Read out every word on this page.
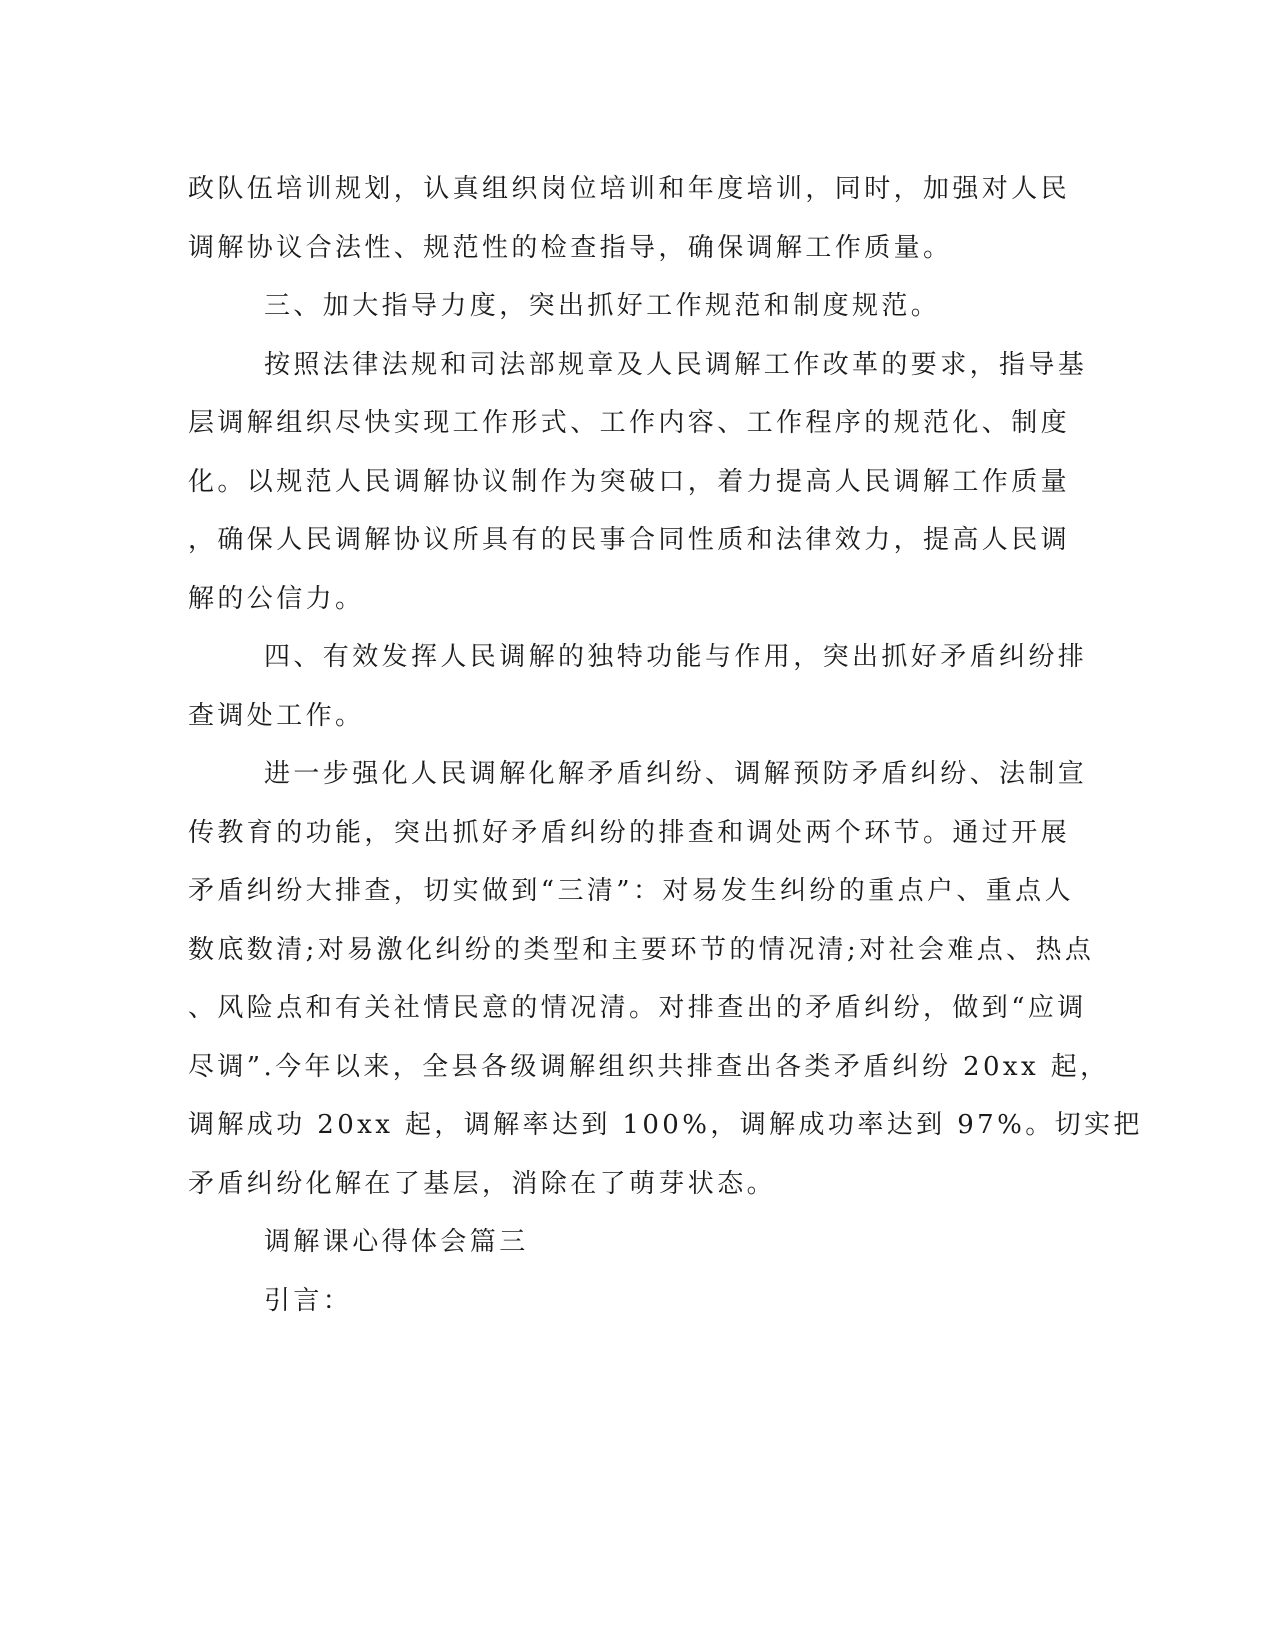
政队伍培训规划，认真组织岗位培训和年度培训，同时，加强对人民
调解协议合法性、规范性的检查指导，确保调解工作质量。
三、加大指导力度，突出抓好工作规范和制度规范。
按照法律法规和司法部规章及人民调解工作改革的要求，指导基
层调解组织尽快实现工作形式、工作内容、工作程序的规范化、制度
化。以规范人民调解协议制作为突破口，着力提高人民调解工作质量
，确保人民调解协议所具有的民事合同性质和法律效力，提高人民调
解的公信力。
四、有效发挥人民调解的独特功能与作用，突出抓好矛盾纠纷排
查调处工作。
进一步强化人民调解化解矛盾纠纷、调解预防矛盾纠纷、法制宣
传教育的功能，突出抓好矛盾纠纷的排查和调处两个环节。通过开展
矛盾纠纷大排查，切实做到“三清”：对易发生纠纷的重点户、重点人
数底数清;对易激化纠纷的类型和主要环节的情况清;对社会难点、热点
、风险点和有关社情民意的情况清。对排查出的矛盾纠纷，做到“应调
尽调”.今年以来，全县各级调解组织共排查出各类矛盾纠纷 20xx 起，
调解成功 20xx 起，调解率达到 100%，调解成功率达到 97%。切实把
矛盾纠纷化解在了基层，消除在了萌芽状态。
调解课心得体会篇三
引言：
